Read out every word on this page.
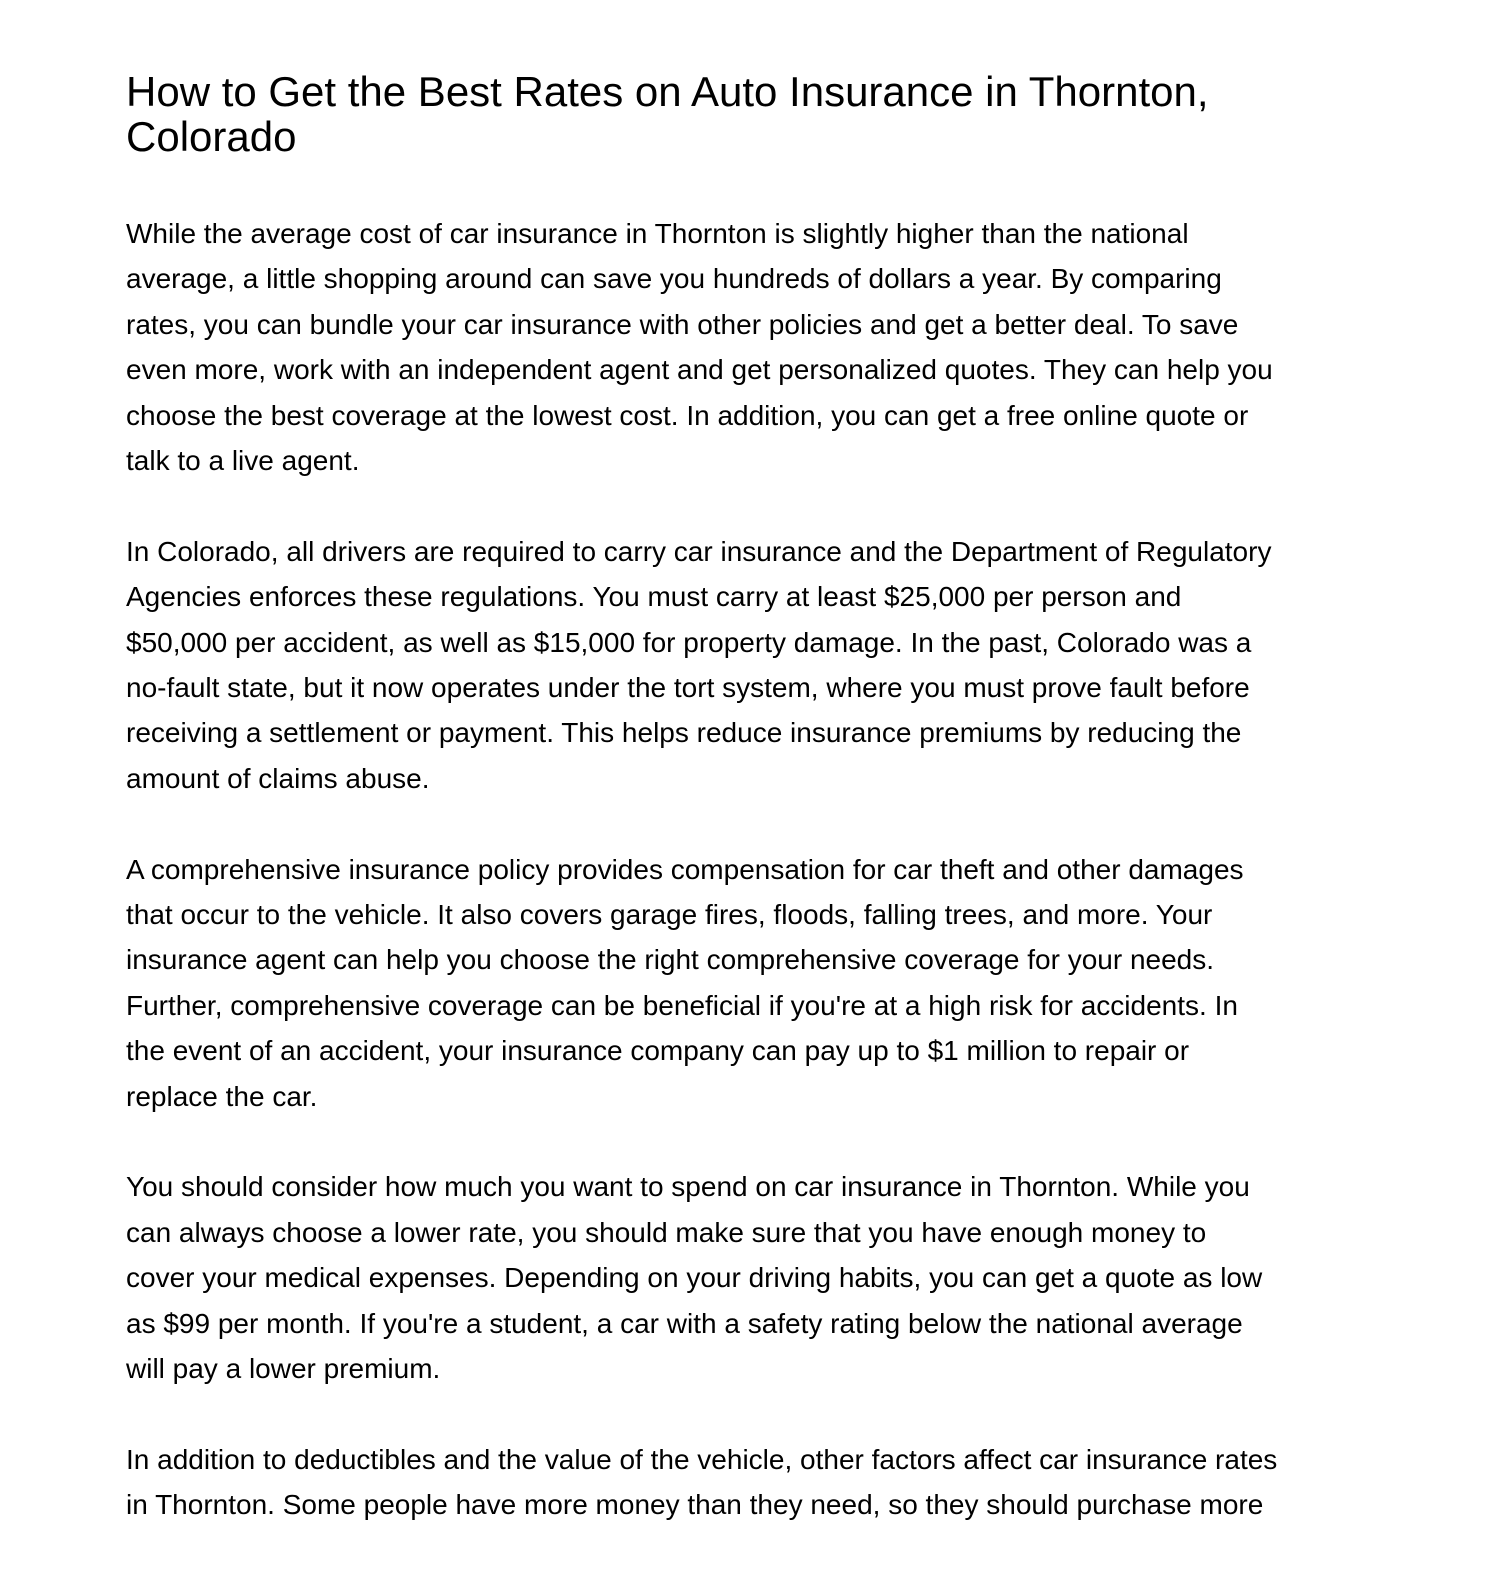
How to Get the Best Rates on Auto Insurance in Thornton,
Colorado

While the average cost of car insurance in Thornton is slightly higher than the national
average, a little shopping around can save you hundreds of dollars a year. By comparing
rates, you can bundle your car insurance with other policies and get a better deal. To save
even more, work with an independent agent and get personalized quotes. They can help you
choose the best coverage at the lowest cost. In addition, you can get a free online quote or
talk to a live agent.

In Colorado, all drivers are required to carry car insurance and the Department of Regulatory
Agencies enforces these regulations. You must carry at least $25,000 per person and
$50,000 per accident, as well as $15,000 for property damage. In the past, Colorado was a
no-fault state, but it now operates under the tort system, where you must prove fault before
receiving a settlement or payment. This helps reduce insurance premiums by reducing the
amount of claims abuse.

A comprehensive insurance policy provides compensation for car theft and other damages
that occur to the vehicle. It also covers garage fires, floods, falling trees, and more. Your
insurance agent can help you choose the right comprehensive coverage for your needs.
Further, comprehensive coverage can be beneficial if you're at a high risk for accidents. In
the event of an accident, your insurance company can pay up to $1 million to repair or
replace the car.

You should consider how much you want to spend on car insurance in Thornton. While you
can always choose a lower rate, you should make sure that you have enough money to
cover your medical expenses. Depending on your driving habits, you can get a quote as low
as $99 per month. If you're a student, a car with a safety rating below the national average
will pay a lower premium.

In addition to deductibles and the value of the vehicle, other factors affect car insurance rates
in Thornton. Some people have more money than they need, so they should purchase more
